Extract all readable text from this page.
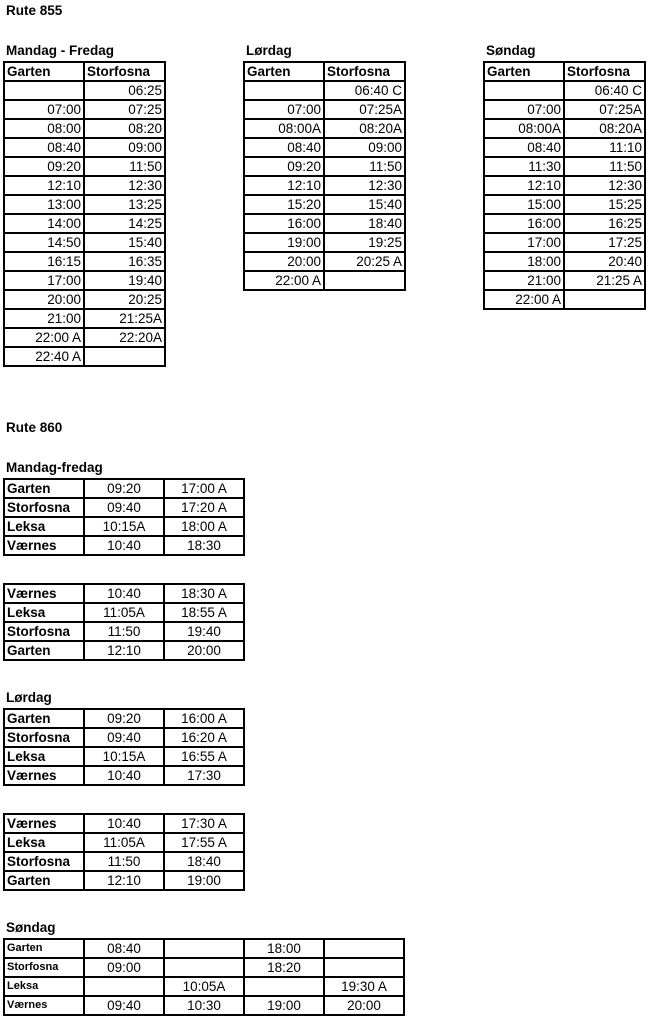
Rute 855
Mandag - Fredag
Garten	Storfosna
	06:25
07:00	07:25
08:00	08:20
08:40	09:00
09:20	11:50
12:10	12:30
13:00	13:25
14:00	14:25
14:50	15:40
16:15	16:35
17:00	19:40
20:00	20:25
21:00	21:25A
22:00 A	22:20A
22:40 A	
Lørdag
Garten	Storfosna
	06:40 C
07:00	07:25A
08:00A	08:20A
08:40	09:00
09:20	11:50
12:10	12:30
15:20	15:40
16:00	18:40
19:00	19:25
20:00	20:25 A
22:00 A	
Søndag
Garten	Storfosna
	06:40 C
07:00	07:25A
08:00A	08:20A
08:40	11:10
11:30	11:50
12:10	12:30
15:00	15:25
16:00	16:25
17:00	17:25
18:00	20:40
21:00	21:25 A
22:00 A	
Rute 860
Mandag-fredag
Garten	09:20	17:00 A
Storfosna	09:40	17:20 A
Leksa	10:15A	18:00 A
Værnes	10:40	18:30
Værnes	10:40	18:30 A
Leksa	11:05A	18:55 A
Storfosna	11:50	19:40
Garten	12:10	20:00
Lørdag
Garten	09:20	16:00 A
Storfosna	09:40	16:20 A
Leksa	10:15A	16:55 A
Værnes	10:40	17:30
Værnes	10:40	17:30 A
Leksa	11:05A	17:55 A
Storfosna	11:50	18:40
Garten	12:10	19:00
Søndag
Garten	08:40		18:00	
Storfosna	09:00		18:20	
Leksa		10:05A		19:30 A
Værnes	09:40	10:30	19:00	20:00
